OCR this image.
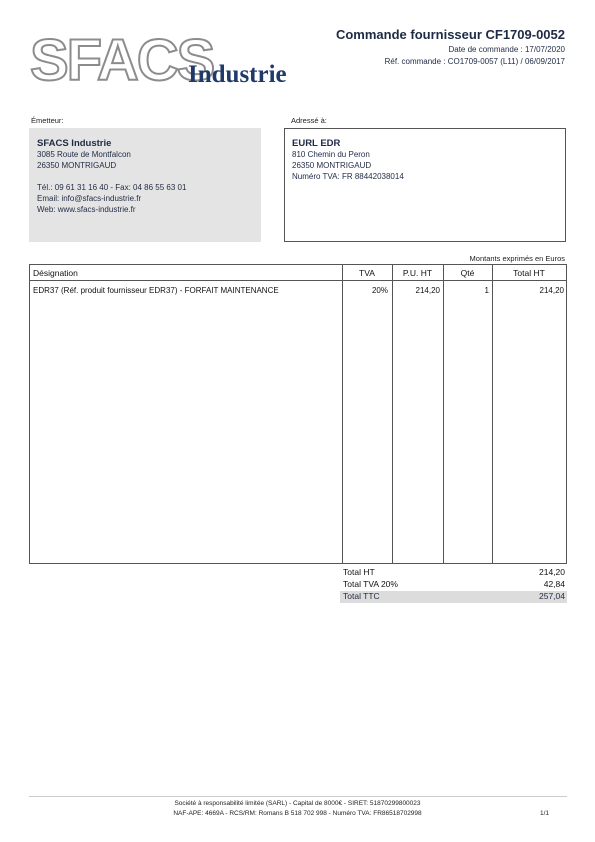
SFACS
Industrie
Commande fournisseur CF1709-0052
Date de commande : 17/07/2020
Réf. commande : CO1709-0057 (L11) / 06/09/2017
Émetteur:	Adressé à:
SFACS Industrie
3085 Route de Montfalcon
26350 MONTRIGAUD
Tél.: 09 61 31 16 40 - Fax: 04 86 55 63 01
Email: info@sfacs-industrie.fr
Web: www.sfacs-industrie.fr
EURL EDR
810 Chemin du Peron
26350 MONTRIGAUD
Numéro TVA: FR 88442038014
Montants exprimés en Euros
Désignation	TVA	P.U. HT	Qté	Total HT
EDR37 (Réf. produit fournisseur EDR37) - FORFAIT MAINTENANCE	20%	214,20	1	214,20
Total HT	214,20
Total TVA 20%	42,84
Total TTC	257,04
Société à responsabilité limitée (SARL) - Capital de 8000€ - SIRET: 51870299800023
NAF-APE: 4669A - RCS/RM: Romans B 518 702 998 - Numéro TVA: FR86518702998	1/1
